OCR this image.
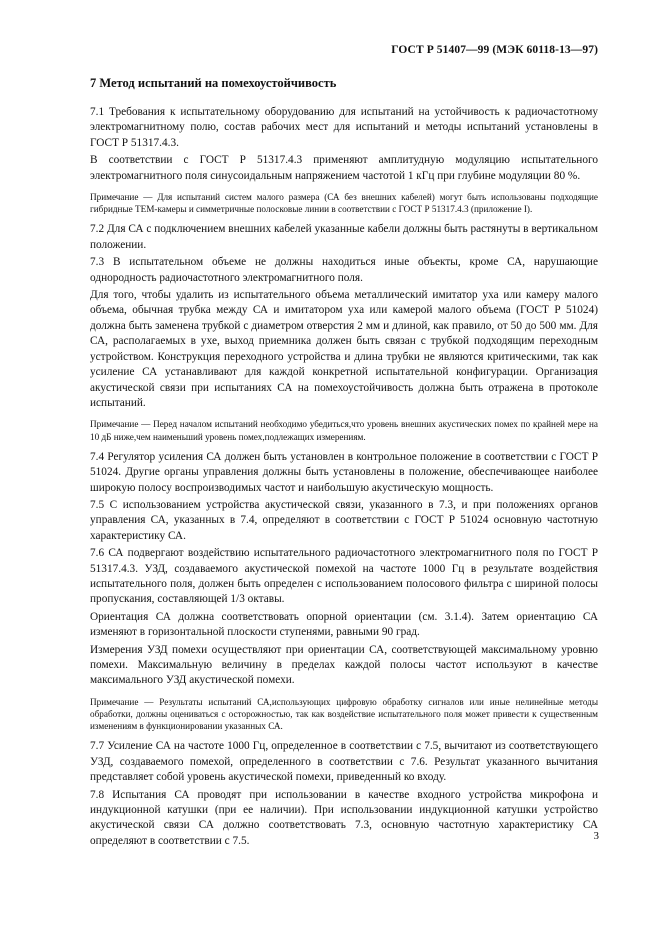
ГОСТ Р 51407—99 (МЭК 60118-13—97)
7 Метод испытаний на помехоустойчивость

7.1 Требования к испытательному оборудованию для испытаний на устойчивость к радиочастотному электромагнитному полю, состав рабочих мест для испытаний и методы испытаний установлены в ГОСТ Р 51317.4.3.

В соответствии с ГОСТ Р 51317.4.3 применяют амплитудную модуляцию испытательного электромагнитного поля синусоидальным напряжением частотой 1 кГц при глубине модуляции 80 %.

Примечание — Для испытаний систем малого размера (СА без внешних кабелей) могут быть использованы подходящие гибридные ТЕМ-камеры и симметричные полосковые линии в соответствии с ГОСТ Р 51317.4.3 (приложение I).

7.2 Для СА с подключением внешних кабелей указанные кабели должны быть растянуты в вертикальном положении.

7.3 В испытательном объеме не должны находиться иные объекты, кроме СА, нарушающие однородность радиочастотного электромагнитного поля.

Для того, чтобы удалить из испытательного объема металлический имитатор уха или камеру малого объема, обычная трубка между СА и имитатором уха или камерой малого объема (ГОСТ Р 51024) должна быть заменена трубкой с диаметром отверстия 2 мм и длиной, как правило, от 50 до 500 мм. Для СА, располагаемых в ухе, выход приемника должен быть связан с трубкой подходящим переходным устройством. Конструкция переходного устройства и длина трубки не являются критическими, так как усиление СА устанавливают для каждой конкретной испытательной конфигурации. Организация акустической связи при испытаниях СА на помехоустойчивость должна быть отражена в протоколе испытаний.

Примечание — Перед началом испытаний необходимо убедиться,что уровень внешних акустических помех по крайней мере на 10 дБ ниже,чем наименьший уровень помех,подлежащих измерениям.

7.4 Регулятор усиления СА должен быть установлен в контрольное положение в соответствии с ГОСТ Р 51024. Другие органы управления должны быть установлены в положение, обеспечивающее наиболее широкую полосу воспроизводимых частот и наибольшую акустическую мощность.

7.5 С использованием устройства акустической связи, указанного в 7.3, и при положениях органов управления СА, указанных в 7.4, определяют в соответствии с ГОСТ Р 51024 основную частотную характеристику СА.

7.6 СА подвергают воздействию испытательного радиочастотного электромагнитного поля по ГОСТ Р 51317.4.3. УЗД, создаваемого акустической помехой на частоте 1000 Гц в результате воздействия испытательного поля, должен быть определен с использованием полосового фильтра с шириной полосы пропускания, составляющей 1/3 октавы.

Ориентация СА должна соответствовать опорной ориентации (см. 3.1.4). Затем ориентацию СА изменяют в горизонтальной плоскости ступенями, равными 90 град.

Измерения УЗД помехи осуществляют при ориентации СА, соответствующей максимальному уровню помехи. Максимальную величину в пределах каждой полосы частот используют в качестве максимального УЗД акустической помехи.

Примечание — Результаты испытаний СА,использующих цифровую обработку сигналов или иные нелинейные методы обработки, должны оцениваться с осторожностью, так как воздействие испытательного поля может привести к существенным изменениям в функционировании указанных СА.

7.7 Усиление СА на частоте 1000 Гц, определенное в соответствии с 7.5, вычитают из соответствующего УЗД, создаваемого помехой, определенного в соответствии с 7.6. Результат указанного вычитания представляет собой уровень акустической помехи, приведенный ко входу.

7.8 Испытания СА проводят при использовании в качестве входного устройства микрофона и индукционной катушки (при ее наличии). При использовании индукционной катушки устройство акустической связи СА должно соответствовать 7.3, основную частотную характеристику СА определяют в соответствии с 7.5.	3
